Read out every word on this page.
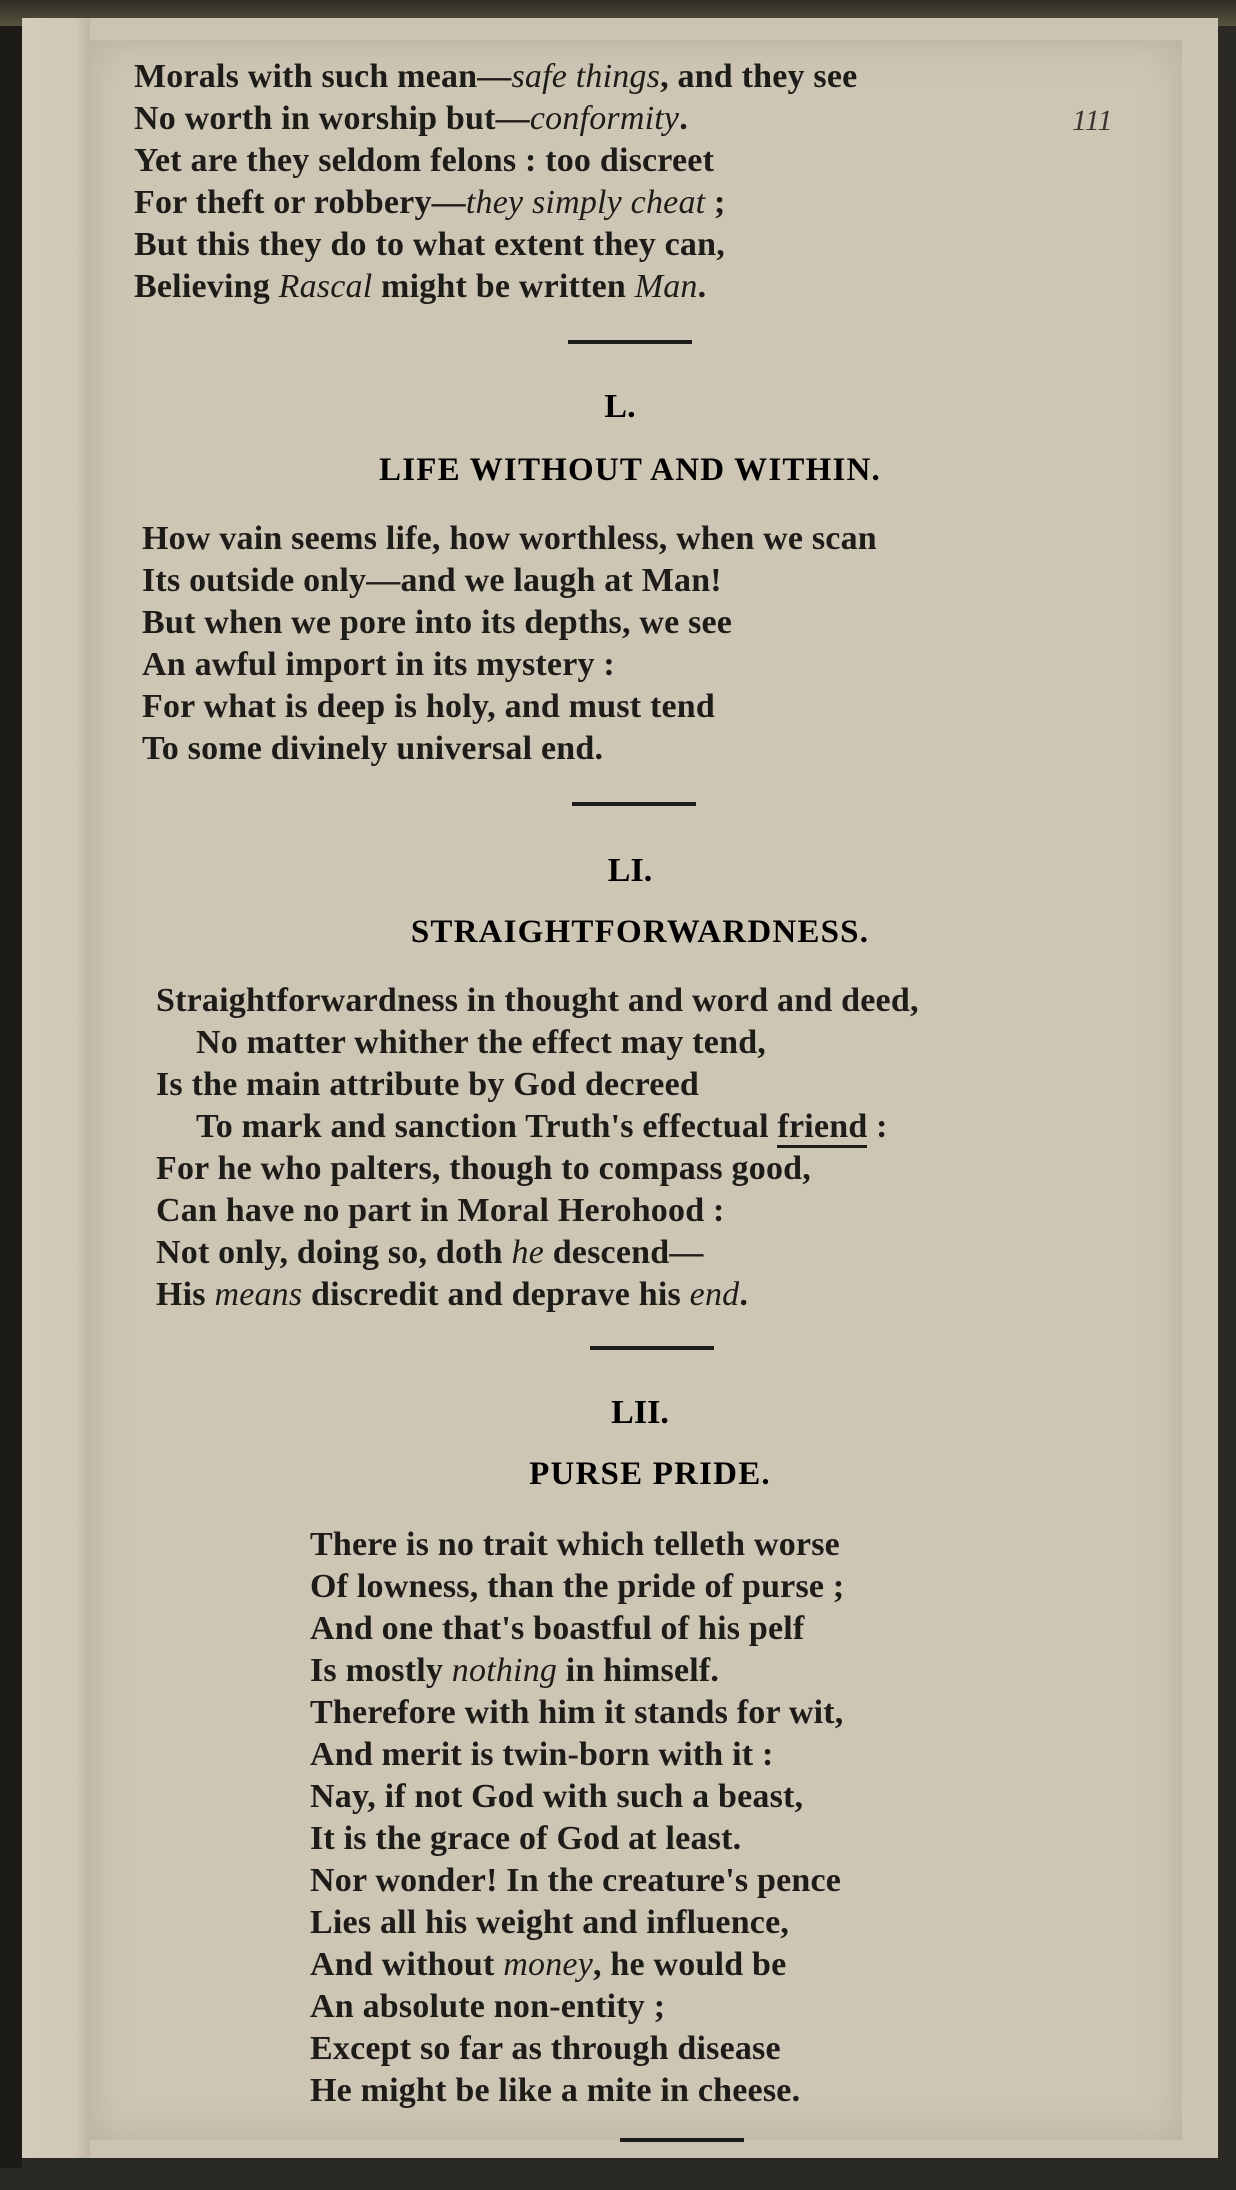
Morals with such mean—safe things, and they see
No worth in worship but—conformity.
Yet are they seldom felons : too discreet
For theft or robbery—they simply cheat ;
But this they do to what extent they can,
Believing Rascal might be written Man.
111
L.
LIFE WITHOUT AND WITHIN.
How vain seems life, how worthless, when we scan
Its outside only—and we laugh at Man!
But when we pore into its depths, we see
An awful import in its mystery :
For what is deep is holy, and must tend
To some divinely universal end.
LI.
STRAIGHTFORWARDNESS.
Straightforwardness in thought and word and deed,
No matter whither the effect may tend,
Is the main attribute by God decreed
To mark and sanction Truth's effectual friend :
For he who palters, though to compass good,
Can have no part in Moral Herohood :
Not only, doing so, doth he descend—
His means discredit and deprave his end.
LII.
PURSE PRIDE.
There is no trait which telleth worse
Of lowness, than the pride of purse ;
And one that's boastful of his pelf
Is mostly nothing in himself.
Therefore with him it stands for wit,
And merit is twin-born with it :
Nay, if not God with such a beast,
It is the grace of God at least.
Nor wonder! In the creature's pence
Lies all his weight and influence,
And without money, he would be
An absolute non-entity ;
Except so far as through disease
He might be like a mite in cheese.
